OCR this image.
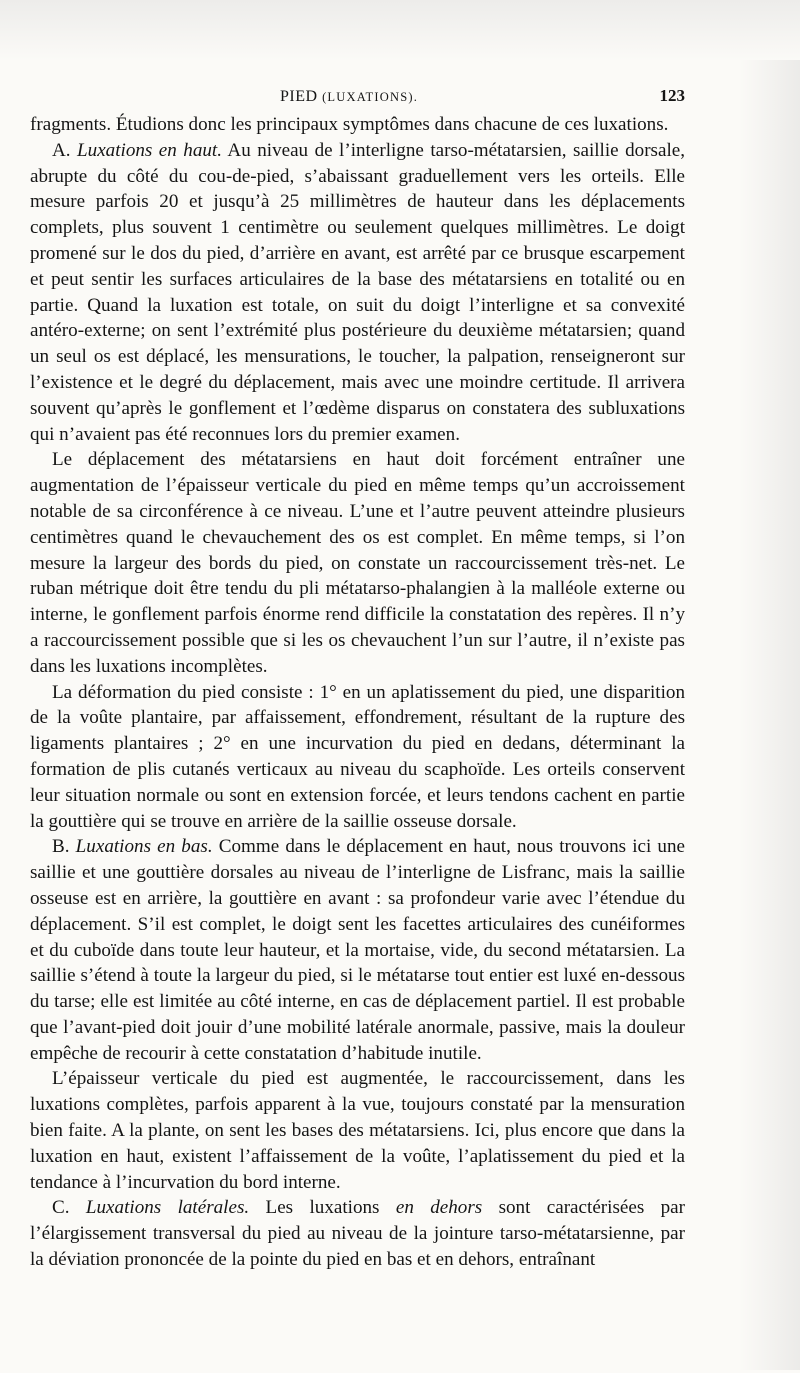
PIED (LUXATIONS).	123

fragments. Étudions donc les principaux symptômes dans chacune de ces luxations.

A. Luxations en haut. Au niveau de l’interligne tarso-métatarsien, saillie dorsale, abrupte du côté du cou-de-pied, s’abaissant graduellement vers les orteils. Elle mesure parfois 20 et jusqu’à 25 millimètres de hauteur dans les déplacements complets, plus souvent 1 centimètre ou seulement quelques millimètres. Le doigt promené sur le dos du pied, d’arrière en avant, est arrêté par ce brusque escarpement et peut sentir les surfaces articulaires de la base des métatarsiens en totalité ou en partie. Quand la luxation est totale, on suit du doigt l’interligne et sa convexité antéro-externe; on sent l’extrémité plus postérieure du deuxième métatarsien; quand un seul os est déplacé, les mensurations, le toucher, la palpation, renseigneront sur l’existence et le degré du déplacement, mais avec une moindre certitude. Il arrivera souvent qu’après le gonflement et l’œdème disparus on constatera des subluxations qui n’avaient pas été reconnues lors du premier examen.

Le déplacement des métatarsiens en haut doit forcément entraîner une augmentation de l’épaisseur verticale du pied en même temps qu’un accroissement notable de sa circonférence à ce niveau. L’une et l’autre peuvent atteindre plusieurs centimètres quand le chevauchement des os est complet. En même temps, si l’on mesure la largeur des bords du pied, on constate un raccourcissement très-net. Le ruban métrique doit être tendu du pli métatarso-phalangien à la malléole externe ou interne, le gonflement parfois énorme rend difficile la constatation des repères. Il n’y a raccourcissement possible que si les os chevauchent l’un sur l’autre, il n’existe pas dans les luxations incomplètes.

La déformation du pied consiste : 1° en un aplatissement du pied, une disparition de la voûte plantaire, par affaissement, effondrement, résultant de la rupture des ligaments plantaires ; 2° en une incurvation du pied en dedans, déterminant la formation de plis cutanés verticaux au niveau du scaphoïde. Les orteils conservent leur situation normale ou sont en extension forcée, et leurs tendons cachent en partie la gouttière qui se trouve en arrière de la saillie osseuse dorsale.

B. Luxations en bas. Comme dans le déplacement en haut, nous trouvons ici une saillie et une gouttière dorsales au niveau de l’interligne de Lisfranc, mais la saillie osseuse est en arrière, la gouttière en avant : sa profondeur varie avec l’étendue du déplacement. S’il est complet, le doigt sent les facettes articulaires des cunéiformes et du cuboïde dans toute leur hauteur, et la mortaise, vide, du second métatarsien. La saillie s’étend à toute la largeur du pied, si le métatarse tout entier est luxé en-dessous du tarse; elle est limitée au côté interne, en cas de déplacement partiel. Il est probable que l’avant-pied doit jouir d’une mobilité latérale anormale, passive, mais la douleur empêche de recourir à cette constatation d’habitude inutile.

L’épaisseur verticale du pied est augmentée, le raccourcissement, dans les luxations complètes, parfois apparent à la vue, toujours constaté par la mensuration bien faite. A la plante, on sent les bases des métatarsiens. Ici, plus encore que dans la luxation en haut, existent l’affaissement de la voûte, l’aplatissement du pied et la tendance à l’incurvation du bord interne.

C. Luxations latérales. Les luxations en dehors sont caractérisées par l’élargissement transversal du pied au niveau de la jointure tarso-métatarsienne, par la déviation prononcée de la pointe du pied en bas et en dehors, entraînant
